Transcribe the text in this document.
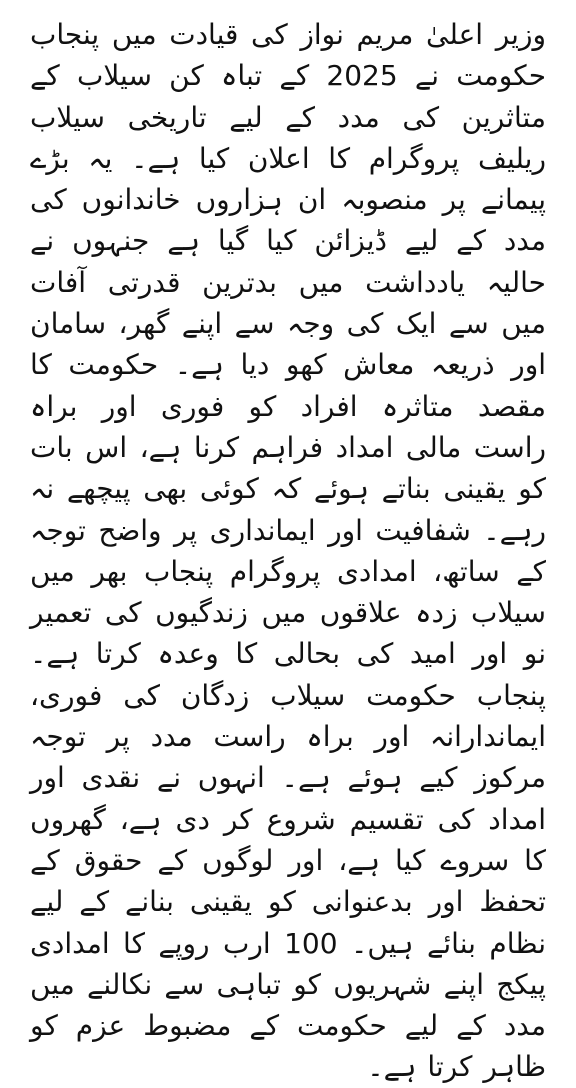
وزیر اعلیٰ مریم نواز کی قیادت میں پنجاب حکومت نے 2025 کے تباہ کن سیلاب کے متاثرین کی مدد کے لیے تاریخی سیلاب ریلیف پروگرام کا اعلان کیا ہے۔ یہ بڑے پیمانے پر منصوبہ ان ہزاروں خاندانوں کی مدد کے لیے ڈیزائن کیا گیا ہے جنہوں نے حالیہ یادداشت میں بدترین قدرتی آفات میں سے ایک کی وجہ سے اپنے گھر، سامان اور ذریعہ معاش کھو دیا ہے۔ حکومت کا مقصد متاثرہ افراد کو فوری اور براہ راست مالی امداد فراہم کرنا ہے، اس بات کو یقینی بناتے ہوئے کہ کوئی بھی پیچھے نہ رہے۔ شفافیت اور ایمانداری پر واضح توجہ کے ساتھ، امدادی پروگرام پنجاب بھر میں سیلاب زدہ علاقوں میں زندگیوں کی تعمیر نو اور امید کی بحالی کا وعدہ کرتا ہے۔ پنجاب حکومت سیلاب زدگان کی فوری، ایماندارانہ اور براہ راست مدد پر توجہ مرکوز کیے ہوئے ہے۔ انہوں نے نقدی اور امداد کی تقسیم شروع کر دی ہے، گھروں کا سروے کیا ہے، اور لوگوں کے حقوق کے تحفظ اور بدعنوانی کو یقینی بنانے کے لیے نظام بنائے ہیں۔ 100 ارب روپے کا امدادی پیکج اپنے شہریوں کو تباہی سے نکالنے میں مدد کے لیے حکومت کے مضبوط عزم کو ظاہر کرتا ہے۔
